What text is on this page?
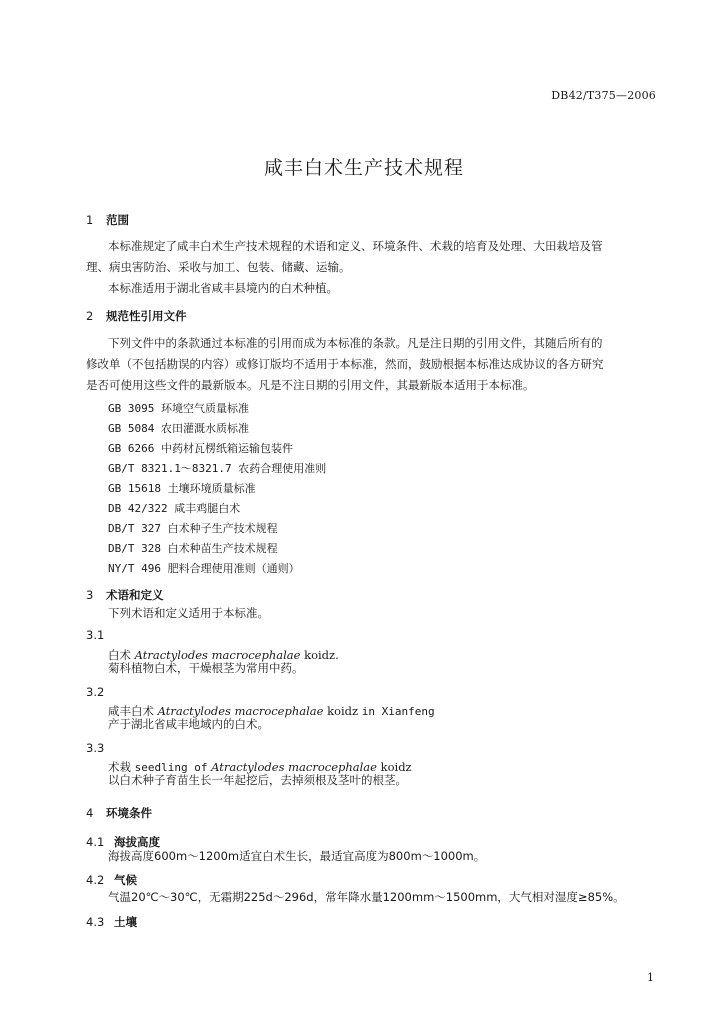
DB42/T375—2006
咸丰白术生产技术规程
1 范围
本标准规定了咸丰白术生产技术规程的术语和定义、环境条件、术栽的培育及处理、大田栽培及管
理、病虫害防治、采收与加工、包装、储藏、运输。
本标准适用于湖北省咸丰县境内的白术种植。
2 规范性引用文件
下列文件中的条款通过本标准的引用而成为本标准的条款。凡是注日期的引用文件，其随后所有的
修改单（不包括勘误的内容）或修订版均不适用于本标准，然而，鼓励根据本标准达成协议的各方研究
是否可使用这些文件的最新版本。凡是不注日期的引用文件，其最新版本适用于本标准。
GB 3095 环境空气质量标准
GB 5084 农田灌溉水质标准
GB 6266 中药材瓦楞纸箱运输包装件
GB/T 8321.1～8321.7 农药合理使用准则
GB 15618 土壤环境质量标准
DB 42/322 咸丰鸡腿白术
DB/T 327 白术种子生产技术规程
DB/T 328 白术种苗生产技术规程
NY/T 496 肥料合理使用准则（通则）
3 术语和定义
下列术语和定义适用于本标准。
3.1
白术 Atractylodes macrocephalae koidz.
菊科植物白术，干燥根茎为常用中药。
3.2
咸丰白术 Atractylodes macrocephalae koidz in Xianfeng
产于湖北省咸丰地域内的白术。
3.3
术栽 seedling of Atractylodes macrocephalae koidz
以白术种子育苗生长一年起挖后，去掉须根及茎叶的根茎。
4 环境条件
4.1 海拔高度
海拔高度600m～1200m适宜白术生长，最适宜高度为800m～1000m。
4.2 气候
气温20℃～30℃，无霜期225d～296d，常年降水量1200mm～1500mm，大气相对湿度≥85%。
4.3 土壤
1
